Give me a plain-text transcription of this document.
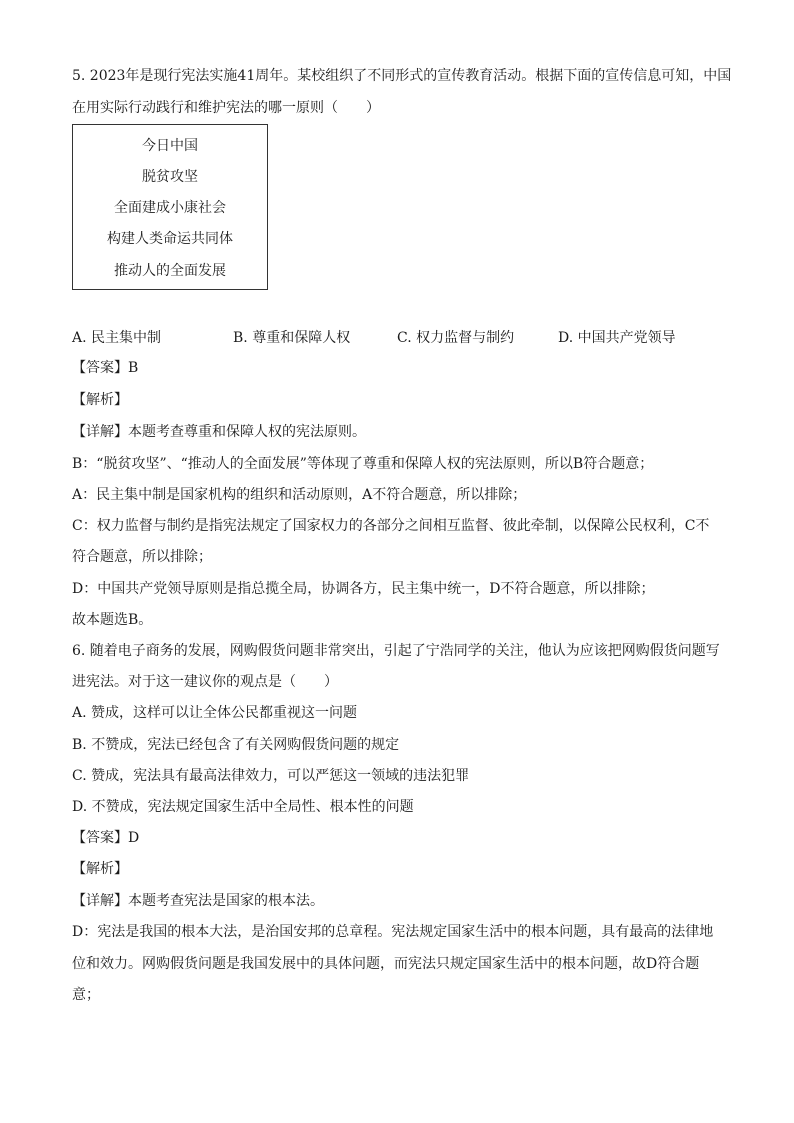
5. 2023年是现行宪法实施41周年。某校组织了不同形式的宣传教育活动。根据下面的宣传信息可知，中国
在用实际行动践行和维护宪法的哪一原则（　　）
今日中国
脱贫攻坚
全面建成小康社会
构建人类命运共同体
推动人的全面发展
A. 民主集中制	B. 尊重和保障人权	C. 权力监督与制约	D. 中国共产党领导
【答案】B
【解析】
【详解】本题考查尊重和保障人权的宪法原则。
B：“脱贫攻坚”、“推动人的全面发展”等体现了尊重和保障人权的宪法原则，所以B符合题意；
A：民主集中制是国家机构的组织和活动原则，A不符合题意，所以排除；
C：权力监督与制约是指宪法规定了国家权力的各部分之间相互监督、彼此牵制，以保障公民权利，C不
符合题意，所以排除；
D：中国共产党领导原则是指总揽全局，协调各方，民主集中统一，D不符合题意，所以排除；
故本题选B。
6. 随着电子商务的发展，网购假货问题非常突出，引起了宁浩同学的关注，他认为应该把网购假货问题写
进宪法。对于这一建议你的观点是（　　）
A. 赞成，这样可以让全体公民都重视这一问题
B. 不赞成，宪法已经包含了有关网购假货问题的规定
C. 赞成，宪法具有最高法律效力，可以严惩这一领域的违法犯罪
D. 不赞成，宪法规定国家生活中全局性、根本性的问题
【答案】D
【解析】
【详解】本题考查宪法是国家的根本法。
D：宪法是我国的根本大法，是治国安邦的总章程。宪法规定国家生活中的根本问题，具有最高的法律地
位和效力。网购假货问题是我国发展中的具体问题，而宪法只规定国家生活中的根本问题，故D符合题
意；
